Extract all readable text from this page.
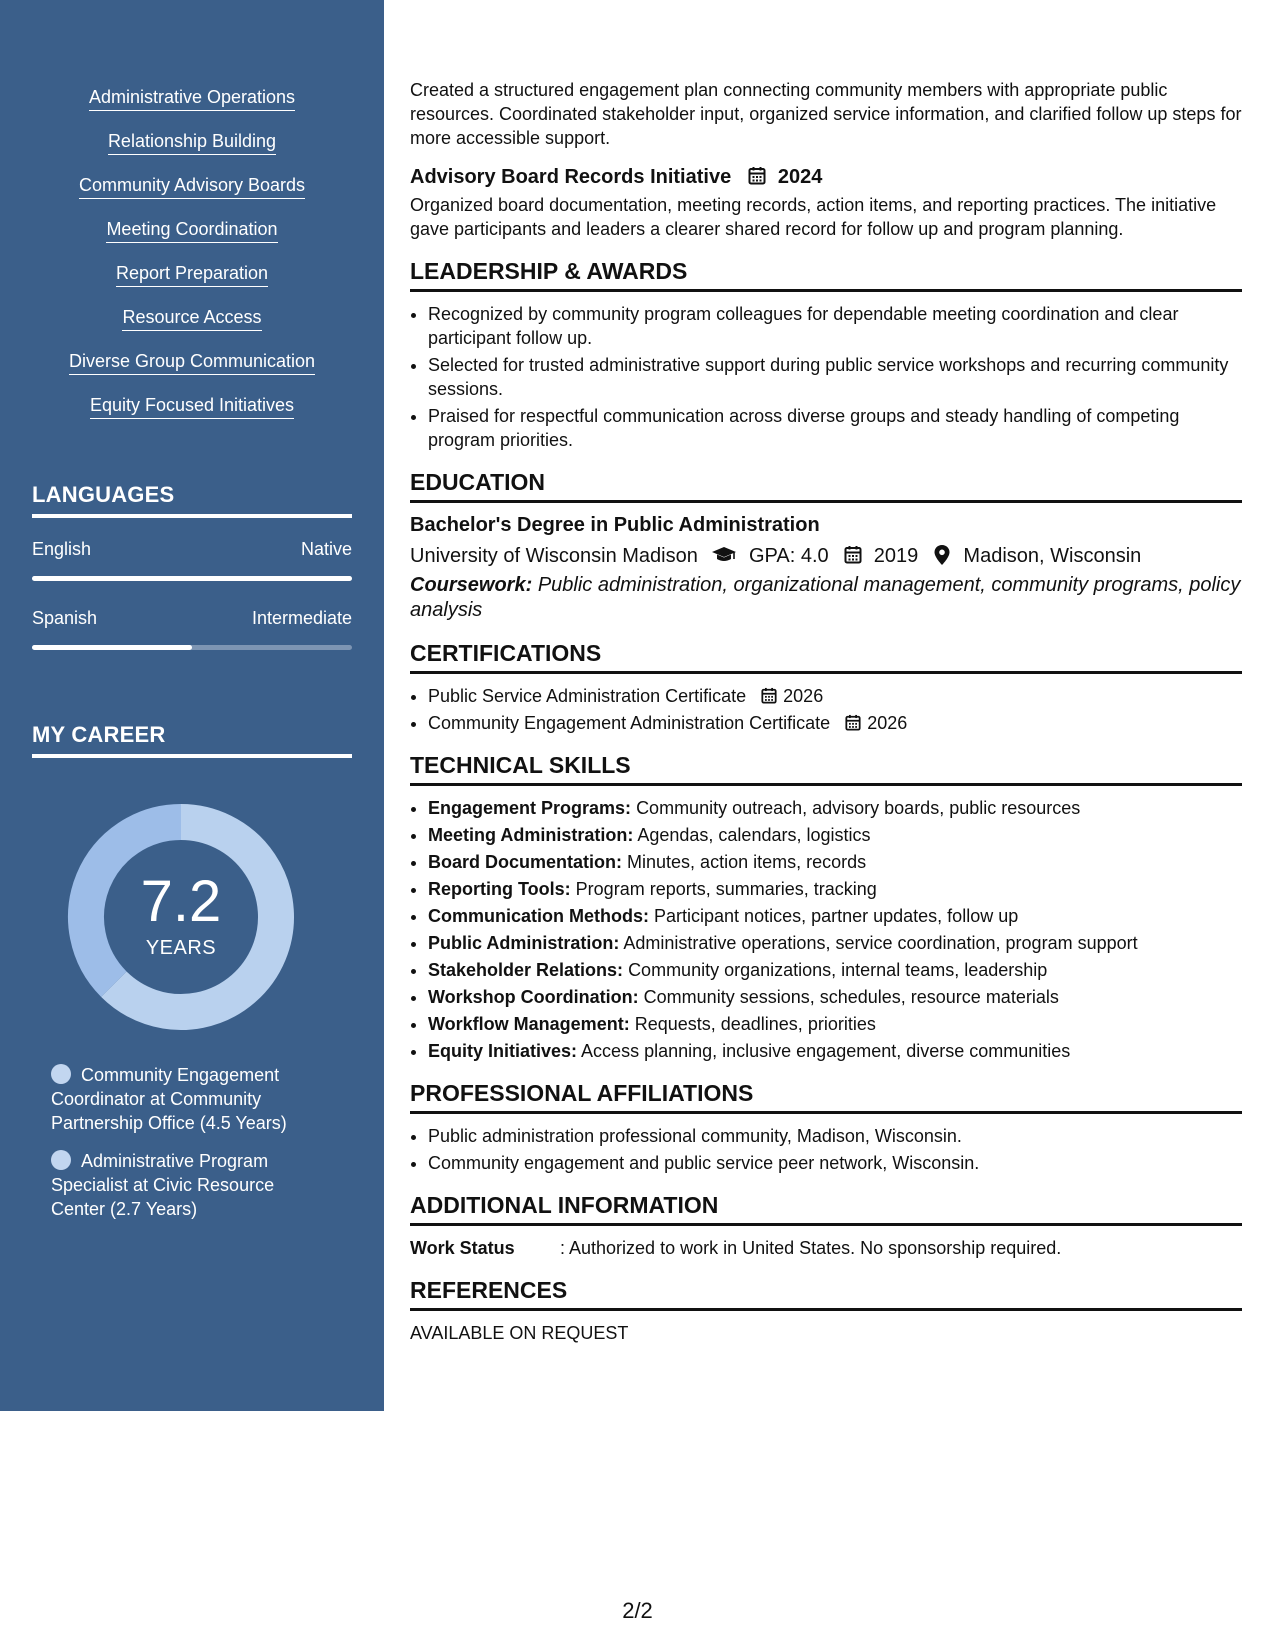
Administrative Operations
Relationship Building
Community Advisory Boards
Meeting Coordination
Report Preparation
Resource Access
Diverse Group Communication
Equity Focused Initiatives
LANGUAGES
English	Native
Spanish	Intermediate
MY CAREER
7.2
YEARS
Community Engagement Coordinator at Community Partnership Office (4.5 Years)
Administrative Program Specialist at Civic Resource Center (2.7 Years)

Created a structured engagement plan connecting community members with appropriate public resources. Coordinated stakeholder input, organized service information, and clarified follow up steps for more accessible support.

Advisory Board Records Initiative 2024

Organized board documentation, meeting records, action items, and reporting practices. The initiative gave participants and leaders a clearer shared record for follow up and program planning.

LEADERSHIP & AWARDS
• Recognized by community program colleagues for dependable meeting coordination and clear participant follow up.
• Selected for trusted administrative support during public service workshops and recurring community sessions.
• Praised for respectful communication across diverse groups and steady handling of competing program priorities.
EDUCATION
Bachelor's Degree in Public Administration
University of Wisconsin Madison	GPA: 4.0 2019 Madison, Wisconsin
Coursework: Public administration, organizational management, community programs, policy analysis
CERTIFICATIONS
• Public Service Administration Certificate 2026
• Community Engagement Administration Certificate 2026
TECHNICAL SKILLS
• Engagement Programs: Community outreach, advisory boards, public resources
• Meeting Administration: Agendas, calendars, logistics
• Board Documentation: Minutes, action items, records
• Reporting Tools: Program reports, summaries, tracking
• Communication Methods: Participant notices, partner updates, follow up
• Public Administration: Administrative operations, service coordination, program support
• Stakeholder Relations: Community organizations, internal teams, leadership
• Workshop Coordination: Community sessions, schedules, resource materials
• Workflow Management: Requests, deadlines, priorities
• Equity Initiatives: Access planning, inclusive engagement, diverse communities
PROFESSIONAL AFFILIATIONS
• Public administration professional community, Madison, Wisconsin.
• Community engagement and public service peer network, Wisconsin.
ADDITIONAL INFORMATION
Work Status	: Authorized to work in United States. No sponsorship required.
REFERENCES
AVAILABLE ON REQUEST
2/2
